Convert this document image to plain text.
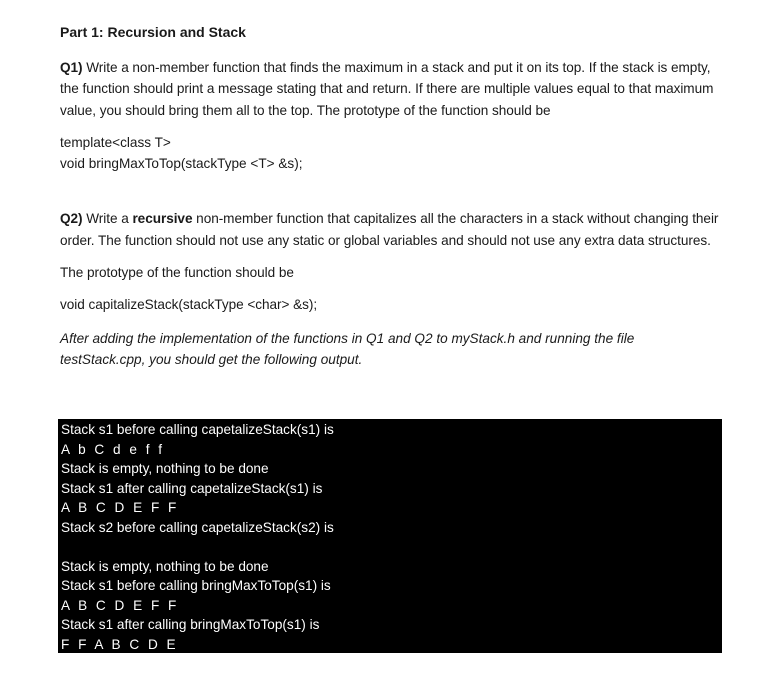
Part 1: Recursion and Stack

Q1) Write a non-member function that finds the maximum in a stack and put it on its top. If the stack is empty, the function should print a message stating that and return. If there are multiple values equal to that maximum value, you should bring them all to the top. The prototype of the function should be

template<class T>

void bringMaxToTop(stackType <T> &s);

Q2) Write a recursive non-member function that capitalizes all the characters in a stack without changing their order. The function should not use any static or global variables and should not use any extra data structures.

The prototype of the function should be

void capitalizeStack(stackType <char> &s);

After adding the implementation of the functions in Q1 and Q2 to myStack.h and running the file testStack.cpp, you should get the following output.

Stack s1 before calling capetalizeStack(s1) is
A b C d e f f
Stack is empty, nothing to be done
Stack s1 after calling capetalizeStack(s1) is
A B C D E F F
Stack s2 before calling capetalizeStack(s2) is
Stack is empty, nothing to be done
Stack s1 before calling bringMaxToTop(s1) is
A B C D E F F
Stack s1 after calling bringMaxToTop(s1) is
F F A B C D E
